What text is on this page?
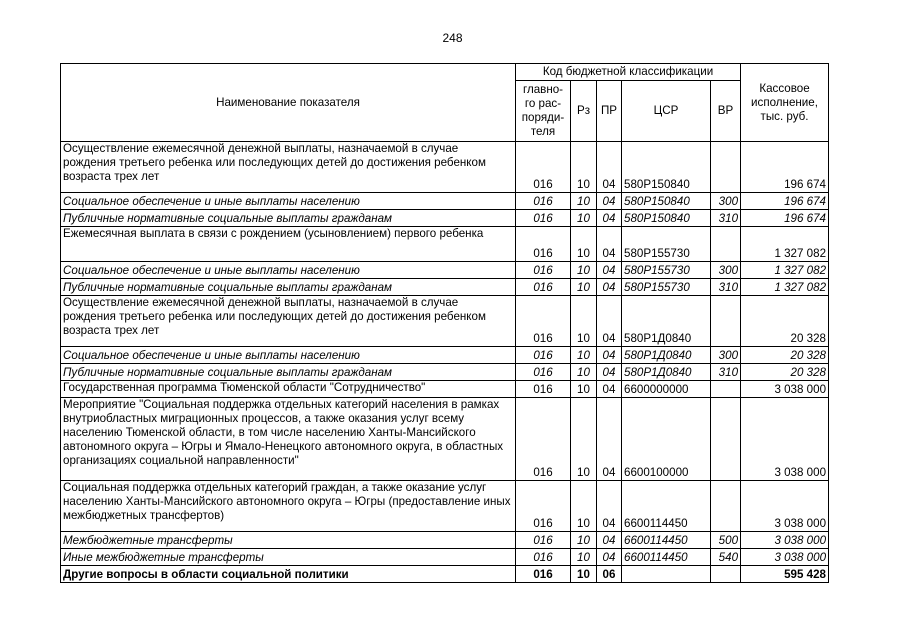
248
Наименование показателя	Код бюджетной классификации					Кассовое
исполнение,
тыс. руб.
	главно-
го рас-
поряди-
теля	Рз	ПР	ЦСР	ВР	
Осуществление ежемесячной денежной выплаты, назначаемой в случае рождения третьего ребенка или последующих детей до достижения ребенком возраста трех лет	016	10	04	580P150840		196 674
Социальное обеспечение и иные выплаты населению	016	10	04	580P150840	300	196 674
Публичные нормативные социальные выплаты гражданам	016	10	04	580P150840	310	196 674
Ежемесячная выплата в связи с рождением (усыновлением) первого ребенка	016	10	04	580P155730		1 327 082
Социальное обеспечение и иные выплаты населению	016	10	04	580P155730	300	1 327 082
Публичные нормативные социальные выплаты гражданам	016	10	04	580P155730	310	1 327 082
Осуществление ежемесячной денежной выплаты, назначаемой в случае рождения третьего ребенка или последующих детей до достижения ребенком возраста трех лет	016	10	04	580P1Д0840		20 328
Социальное обеспечение и иные выплаты населению	016	10	04	580P1Д0840	300	20 328
Публичные нормативные социальные выплаты гражданам	016	10	04	580P1Д0840	310	20 328
Государственная программа Тюменской области "Сотрудничество"	016	10	04	6600000000		3 038 000
Мероприятие "Социальная поддержка отдельных категорий населения в рамках внутриобластных миграционных процессов, а также оказания услуг всему населению Тюменской области, в том числе населению Ханты-Мансийского автономного округа – Югры и Ямало-Ненецкого автономного округа, в областных организациях социальной направленности"	016	10	04	6600100000		3 038 000
Социальная поддержка отдельных категорий граждан, а также оказание услуг населению Ханты-Мансийского автономного округа – Югры (предоставление иных межбюджетных трансфертов)	016	10	04	6600114450		3 038 000
Межбюджетные трансферты	016	10	04	6600114450	500	3 038 000
Иные межбюджетные трансферты	016	10	04	6600114450	540	3 038 000
Другие вопросы в области социальной политики	016	10	06			595 428
